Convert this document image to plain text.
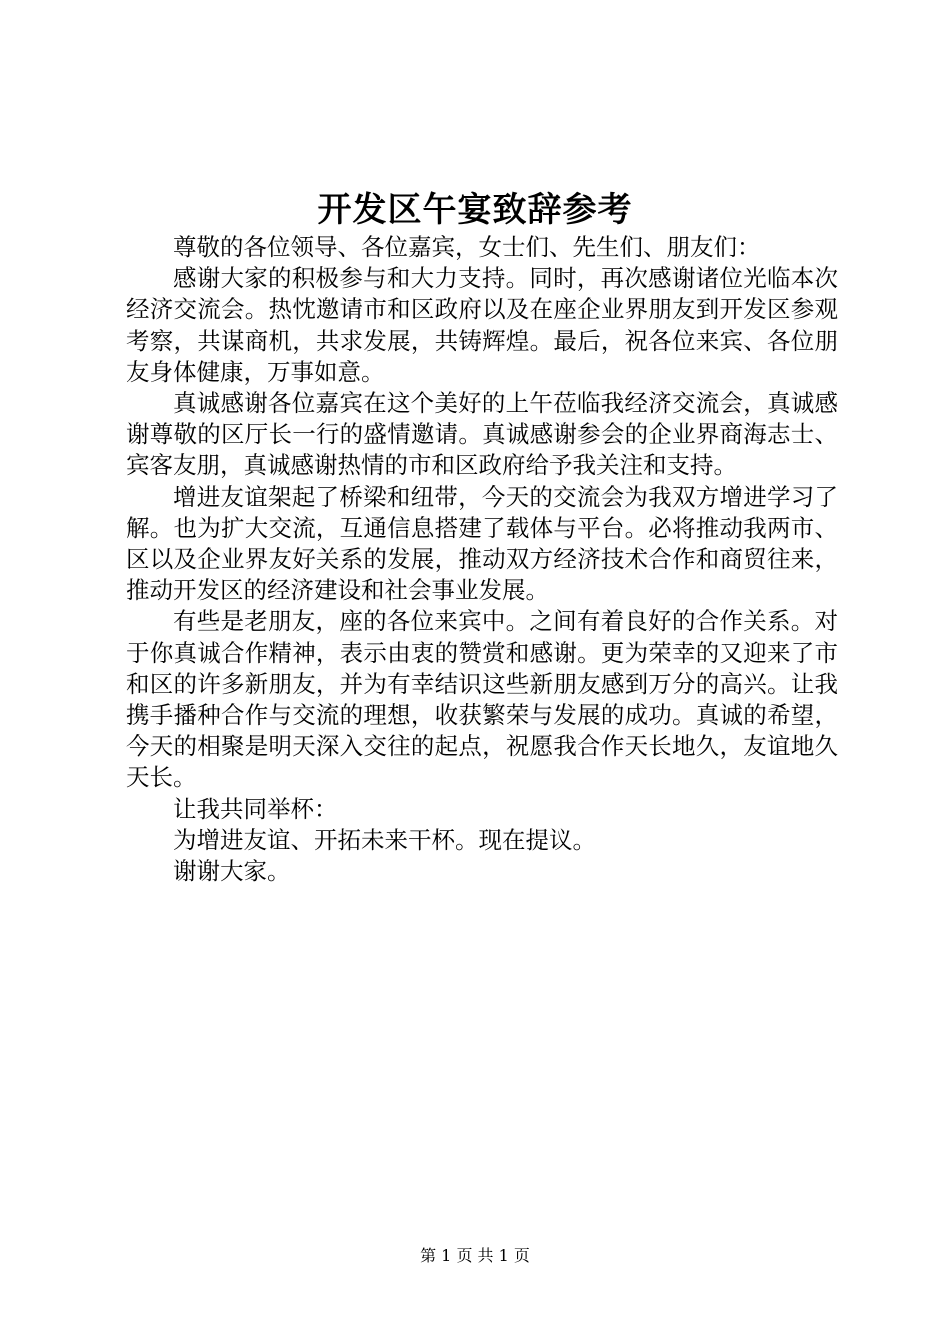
开发区午宴致辞参考

尊敬的各位领导、各位嘉宾，女士们、先生们、朋友们：

感谢大家的积极参与和大力支持。同时，再次感谢诸位光临本次经济交流会。热忱邀请市和区政府以及在座企业界朋友到开发区参观考察，共谋商机，共求发展，共铸辉煌。最后，祝各位来宾、各位朋友身体健康，万事如意。

真诚感谢各位嘉宾在这个美好的上午莅临我经济交流会，真诚感谢尊敬的区厅长一行的盛情邀请。真诚感谢参会的企业界商海志士、宾客友朋，真诚感谢热情的市和区政府给予我关注和支持。

增进友谊架起了桥梁和纽带，今天的交流会为我双方增进学习了解。也为扩大交流，互通信息搭建了载体与平台。必将推动我两市、区以及企业界友好关系的发展，推动双方经济技术合作和商贸往来，推动开发区的经济建设和社会事业发展。

有些是老朋友，座的各位来宾中。之间有着良好的合作关系。对于你真诚合作精神，表示由衷的赞赏和感谢。更为荣幸的又迎来了市和区的许多新朋友，并为有幸结识这些新朋友感到万分的高兴。让我携手播种合作与交流的理想，收获繁荣与发展的成功。真诚的希望，今天的相聚是明天深入交往的起点，祝愿我合作天长地久，友谊地久天长。

让我共同举杯：

为增进友谊、开拓未来干杯。现在提议。

谢谢大家。

第 1 页 共 1 页
